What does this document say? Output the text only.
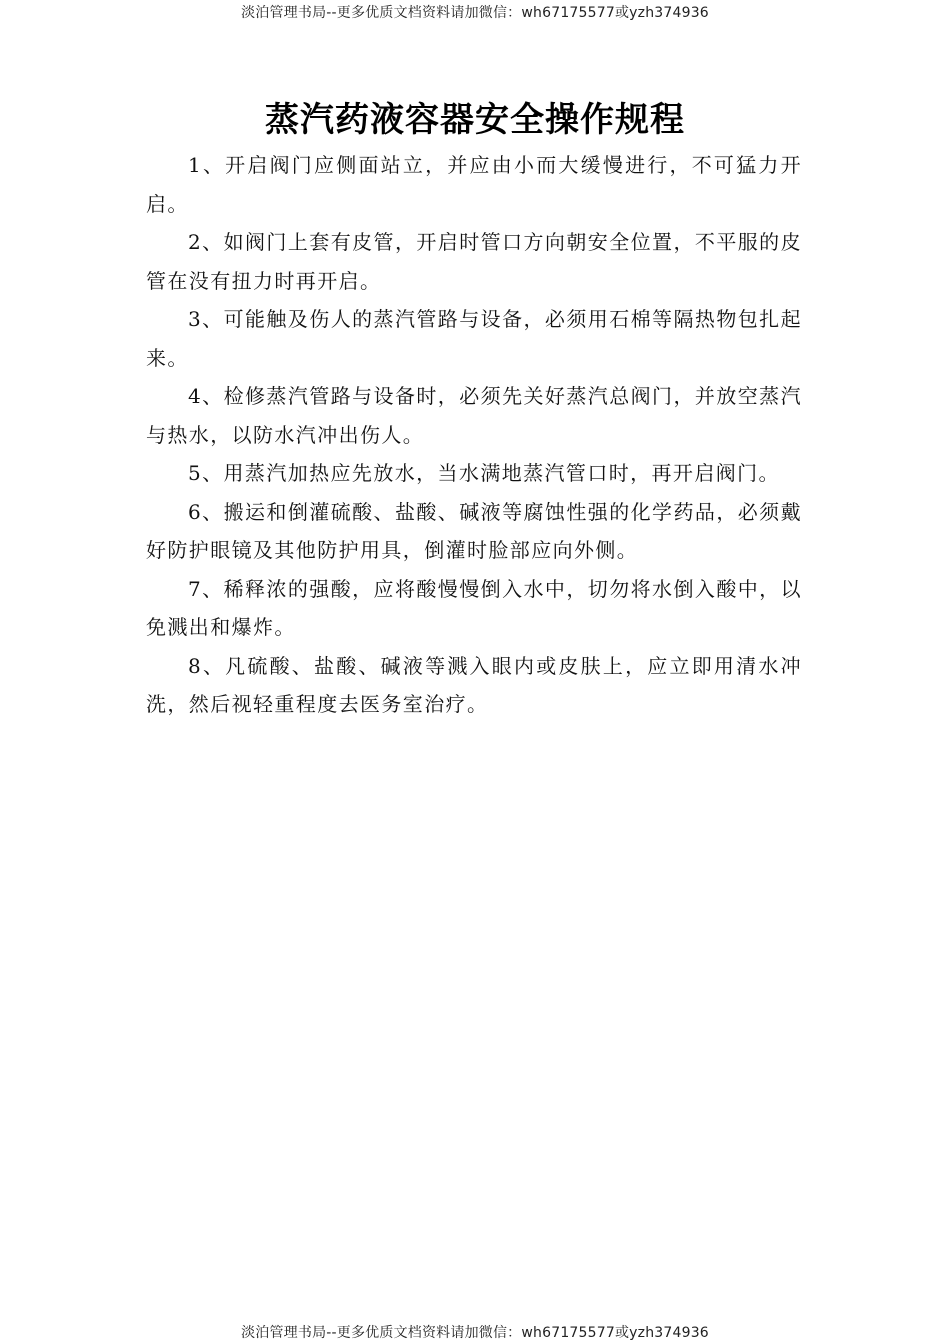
淡泊管理书局--更多优质文档资料请加微信：wh67175577或yzh374936
蒸汽药液容器安全操作规程

1、开启阀门应侧面站立，并应由小而大缓慢进行，不可猛力开启。

2、如阀门上套有皮管，开启时管口方向朝安全位置，不平服的皮管在没有扭力时再开启。

3、可能触及伤人的蒸汽管路与设备，必须用石棉等隔热物包扎起来。

4、检修蒸汽管路与设备时，必须先关好蒸汽总阀门，并放空蒸汽与热水，以防水汽冲出伤人。

5、用蒸汽加热应先放水，当水满地蒸汽管口时，再开启阀门。

6、搬运和倒灌硫酸、盐酸、碱液等腐蚀性强的化学药品，必须戴好防护眼镜及其他防护用具，倒灌时脸部应向外侧。

7、稀释浓的强酸，应将酸慢慢倒入水中，切勿将水倒入酸中，以免溅出和爆炸。

8、凡硫酸、盐酸、碱液等溅入眼内或皮肤上，应立即用清水冲洗，然后视轻重程度去医务室治疗。

淡泊管理书局--更多优质文档资料请加微信：wh67175577或yzh374936
